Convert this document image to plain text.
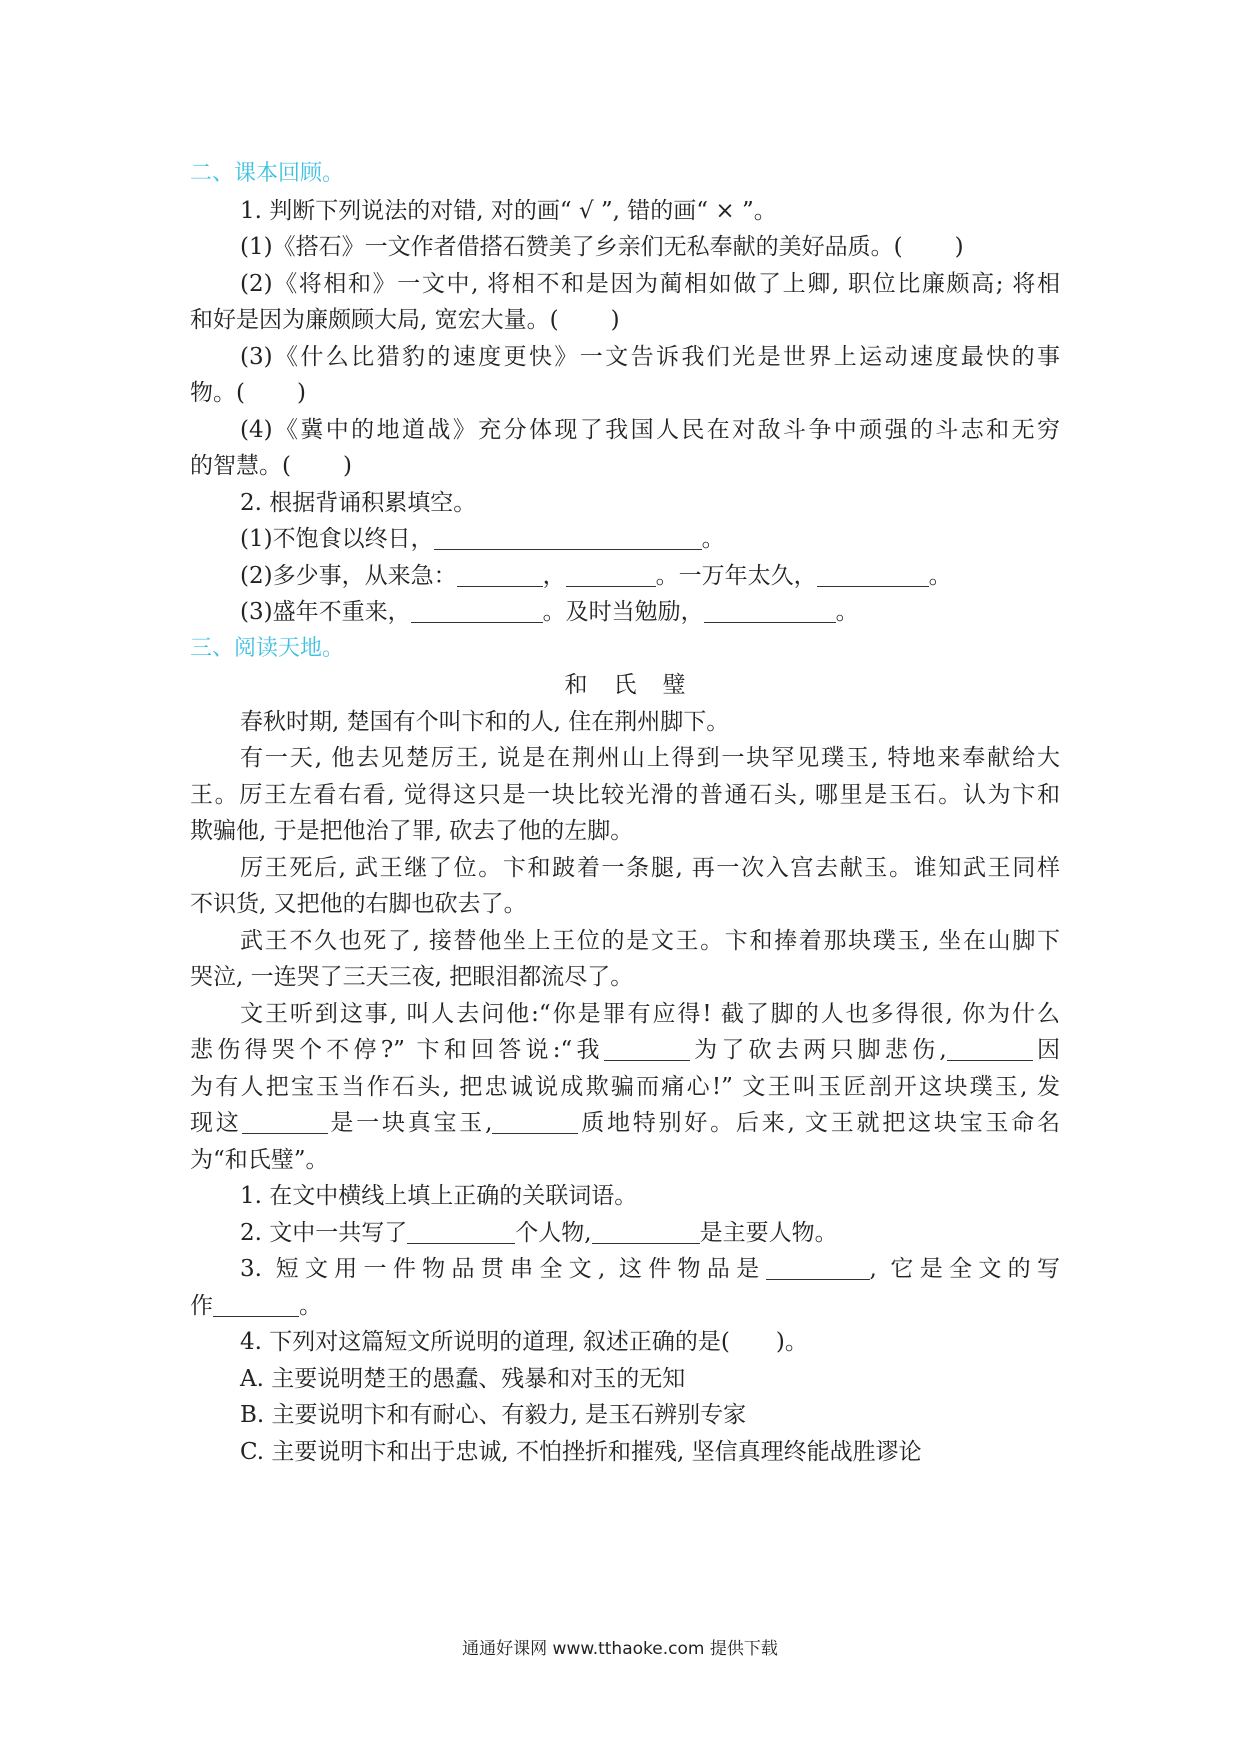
二、课本回顾。
1. 判断下列说法的对错, 对的画“ √ ”, 错的画“ × ”。
(1)《搭石》一文作者借搭石赞美了乡亲们无私奉献的美好品质。( )
(2)《将相和》一文中, 将相不和是因为蔺相如做了上卿, 职位比廉颇高; 将相
和好是因为廉颇顾大局, 宽宏大量。( )
(3)《什么比猎豹的速度更快》一文告诉我们光是世界上运动速度最快的事
物。( )
(4)《冀中的地道战》充分体现了我国人民在对敌斗争中顽强的斗志和无穷
的智慧。( )
2. 根据背诵积累填空。
(1)不饱食以终日，	。
(2)多少事，从来急：	，	。一万年太久，	。
(3)盛年不重来，	。及时当勉励，	。
三、阅读天地。
和氏璧
春秋时期, 楚国有个叫卞和的人, 住在荆州脚下。
有一天, 他去见楚厉王, 说是在荆州山上得到一块罕见璞玉, 特地来奉献给大
王。厉王左看右看, 觉得这只是一块比较光滑的普通石头, 哪里是玉石。认为卞和
欺骗他, 于是把他治了罪, 砍去了他的左脚。
厉王死后, 武王继了位。卞和跛着一条腿, 再一次入宫去献玉。谁知武王同样
不识货, 又把他的右脚也砍去了。
武王不久也死了, 接替他坐上王位的是文王。卞和捧着那块璞玉, 坐在山脚下
哭泣, 一连哭了三天三夜, 把眼泪都流尽了。
文王听到这事, 叫人去问他:“你是罪有应得! 截了脚的人也多得很, 你为什么
悲伤得哭个不停?” 卞和回答说:“我	为了砍去两只脚悲伤,	因
为有人把宝玉当作石头, 把忠诚说成欺骗而痛心!” 文王叫玉匠剖开这块璞玉, 发
现这	是一块真宝玉,	质地特别好。后来, 文王就把这块宝玉命名
为“和氏璧”。
1. 在文中横线上填上正确的关联词语。
2. 文中一共写了	个人物,	是主要人物。
3. 短文用一件物品贯串全文, 这件物品是	, 它是全文的写
作	。
4. 下列对这篇短文所说明的道理, 叙述正确的是( )。
A. 主要说明楚王的愚蠢、残暴和对玉的无知
B. 主要说明卞和有耐心、有毅力, 是玉石辨别专家
C. 主要说明卞和出于忠诚, 不怕挫折和摧残, 坚信真理终能战胜谬论
通通好课网 www.tthaoke.com 提供下载
